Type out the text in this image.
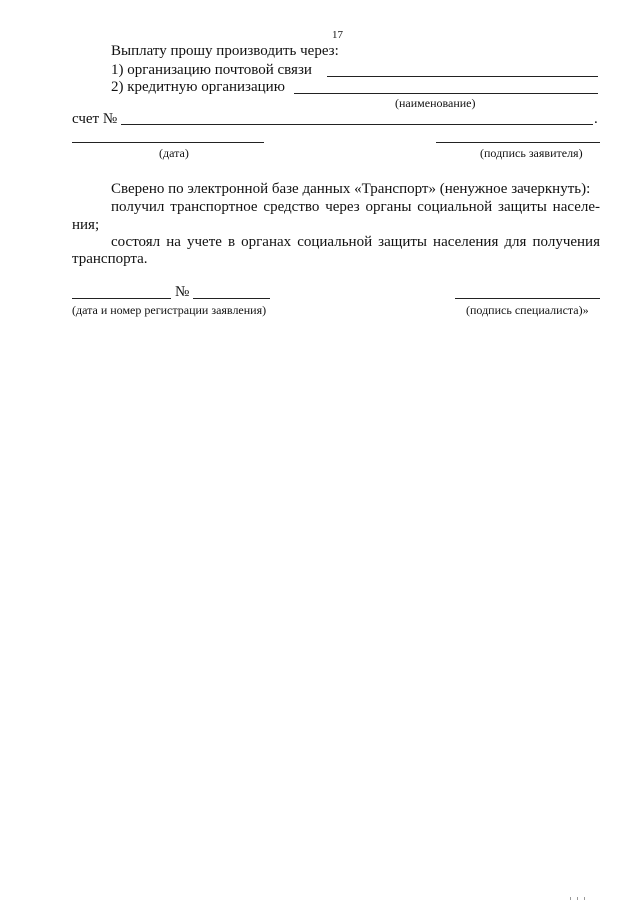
17
Выплату прошу производить через:
1) организацию почтовой связи
2) кредитную организацию
(наименование)
счет №	.
(дата)	(подпись заявителя)
Сверено по электронной базе данных «Транспорт» (ненужное зачеркнуть):
получил транспортное средство через органы социальной защиты населе-
ния;
состоял на учете в органах социальной защиты населения для получения
транспорта.
№
(дата и номер регистрации заявления)	(подпись специалиста)»
